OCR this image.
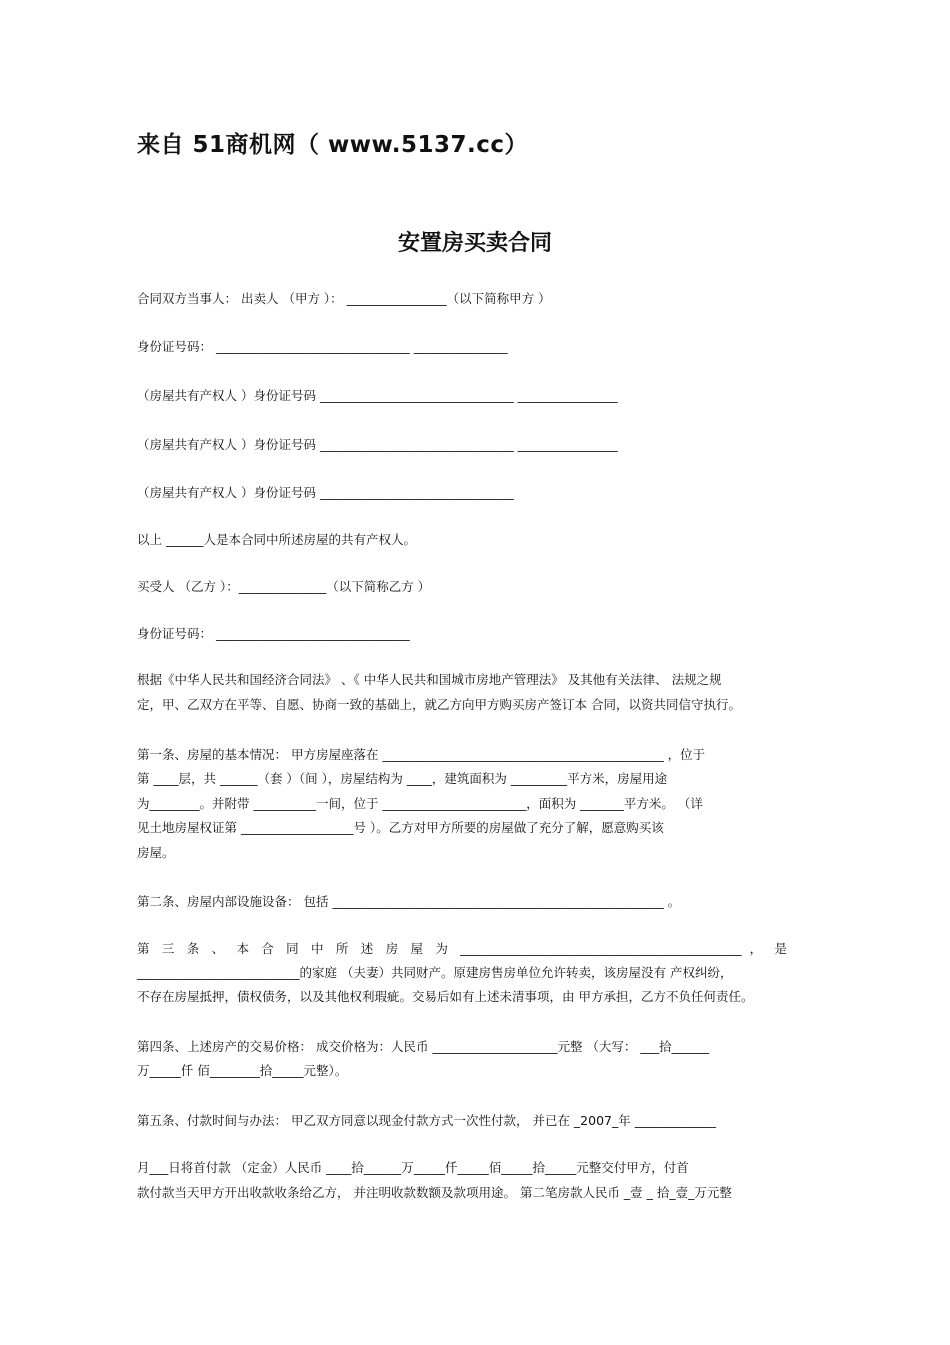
来自 51商机网（ www.5137.cc）
安置房买卖合同
合同双方当事人： 出卖人 （甲方 ）： ________________（以下简称甲方 ）
身份证号码： _______________________________ _______________
（房屋共有产权人 ）身份证号码 _______________________________ ________________
（房屋共有产权人 ）身份证号码 _______________________________ ________________
（房屋共有产权人 ）身份证号码 _______________________________
以上 ______人是本合同中所述房屋的共有产权人。
买受人 （乙方 ）：______________（以下简称乙方 ）
身份证号码： _______________________________
根据《中华人民共和国经济合同法》 、《 中华人民共和国城市房地产管理法》 及其他有关法律、 法规之规
定，甲、乙双方在平等、自愿、协商一致的基础上，就乙方向甲方购买房产签订本 合同，以资共同信守执行。
第一条、房屋的基本情况： 甲方房屋座落在 _____________________________________________ ，位于
第 ____层，共 ______（套 ）（间 ），房屋结构为 ____，建筑面积为 _________平方米，房屋用途
为________。并附带 __________一间，位于 _______________________，面积为 _______平方米。 （详
见土地房屋权证第 __________________号 ）。乙方对甲方所要的房屋做了充分了解，愿意购买该
房屋。
第二条、房屋内部设施设备： 包括 _____________________________________________________ 。
第 三 条 、 本 合 同 中 所 述 房 屋 为 _____________________________________________ ， 是
__________________________的家庭 （夫妻）共同财产。原建房售房单位允许转卖，该房屋没有 产权纠纷，
不存在房屋抵押，债权债务，以及其他权利瑕疵。交易后如有上述未清事项，由 甲方承担，乙方不负任何责任。
第四条、上述房产的交易价格： 成交价格为：人民币 ____________________元整 （大写： ___拾______
万_____仟 佰________拾_____元整）。
第五条、付款时间与办法： 甲乙双方同意以现金付款方式一次性付款， 并已在 _2007_年 _____________
月___日将首付款 （定金）人民币 ____拾______万_____仟_____佰_____拾_____元整交付甲方，付首
款付款当天甲方开出收款收条给乙方， 并注明收款数额及款项用途。 第二笔房款人民币 _壹 _ 拾_壹_万元整
